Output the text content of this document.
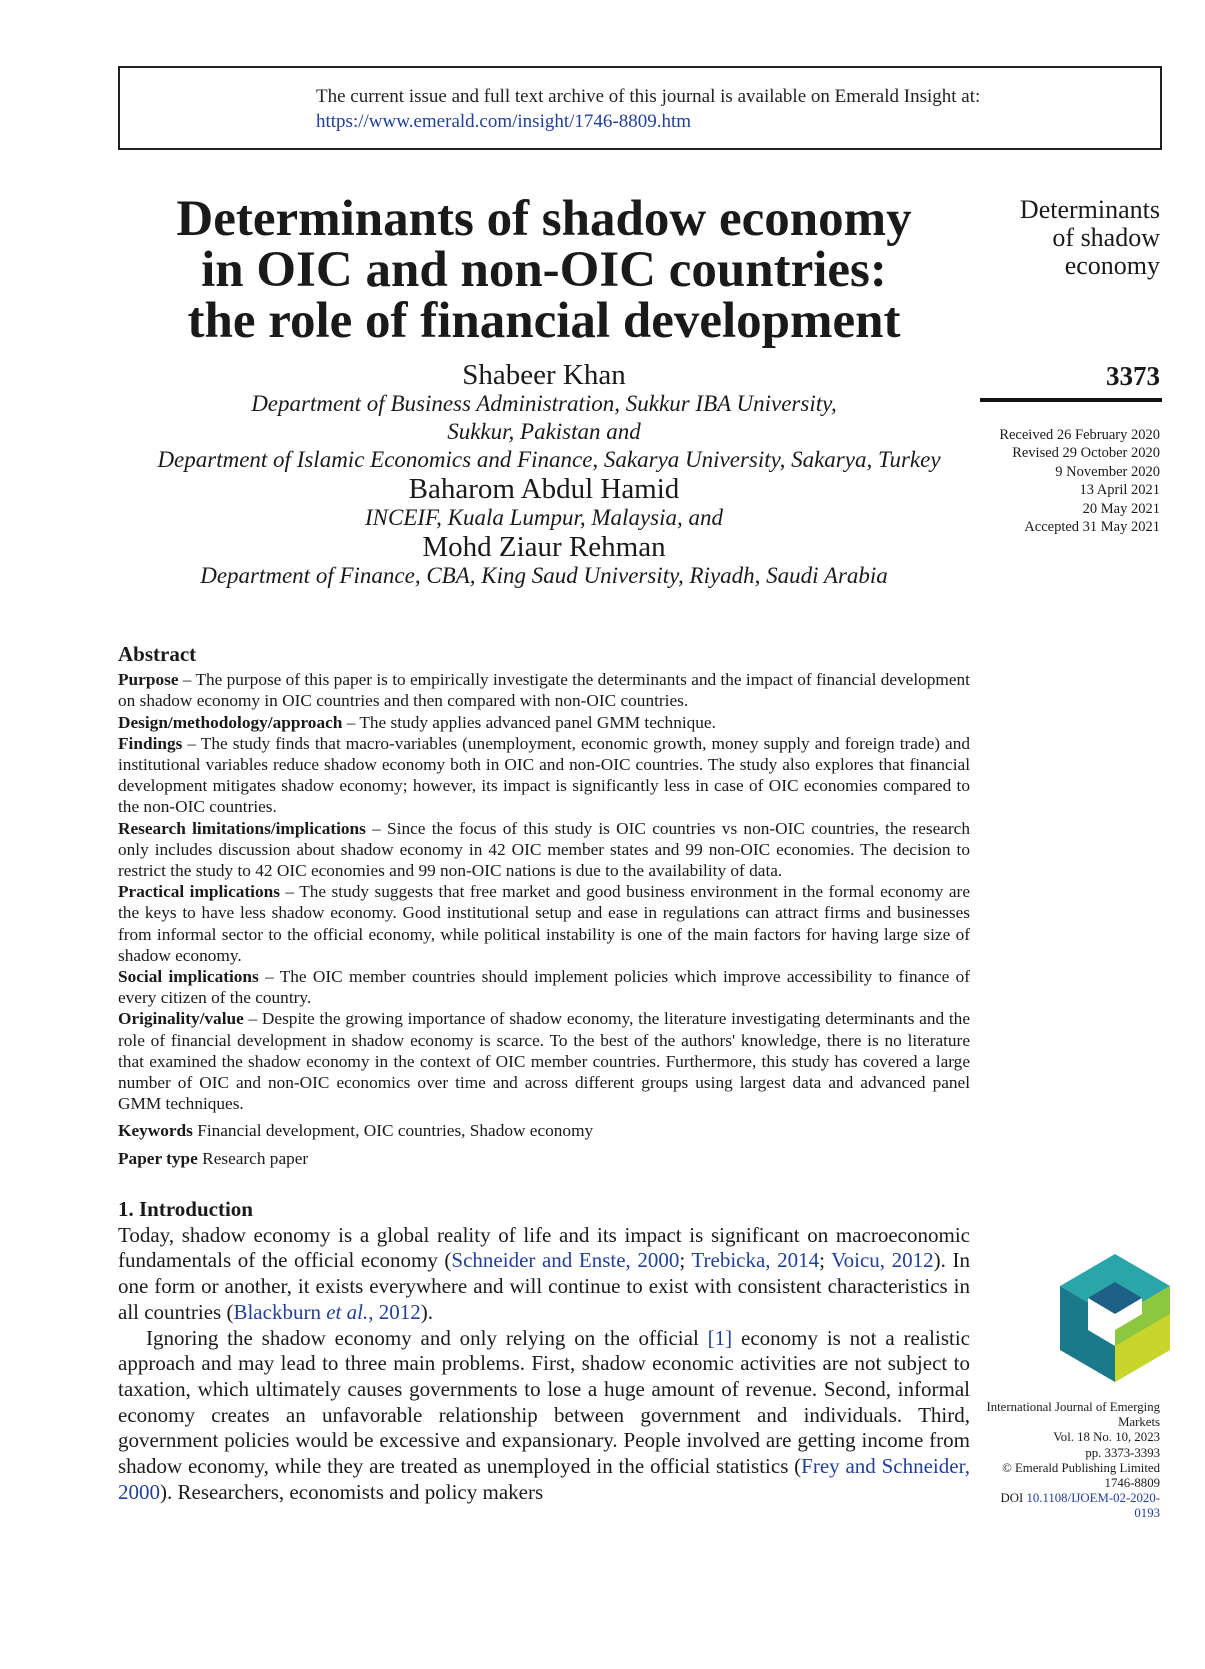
The current issue and full text archive of this journal is available on Emerald Insight at:
https://www.emerald.com/insight/1746-8809.htm
Determinants of shadow economy
in OIC and non-OIC countries:
the role of financial development
Shabeer Khan
Department of Business Administration, Sukkur IBA University,
Sukkur, Pakistan and
Department of Islamic Economics and Finance, Sakarya University, Sakarya, Turkey
Baharom Abdul Hamid
INCEIF, Kuala Lumpur, Malaysia, and
Mohd Ziaur Rehman
Department of Finance, CBA, King Saud University, Riyadh, Saudi Arabia
Determinants
of shadow
economy
3373
Received 26 February 2020
Revised 29 October 2020
9 November 2020
13 April 2021
20 May 2021
Accepted 31 May 2021

Abstract

Purpose – The purpose of this paper is to empirically investigate the determinants and the impact of financial development on shadow economy in OIC countries and then compared with non-OIC countries.

Design/methodology/approach – The study applies advanced panel GMM technique.

Findings – The study finds that macro-variables (unemployment, economic growth, money supply and foreign trade) and institutional variables reduce shadow economy both in OIC and non-OIC countries. The study also explores that financial development mitigates shadow economy; however, its impact is significantly less in case of OIC economies compared to the non-OIC countries.

Research limitations/implications – Since the focus of this study is OIC countries vs non-OIC countries, the research only includes discussion about shadow economy in 42 OIC member states and 99 non-OIC economies. The decision to restrict the study to 42 OIC economies and 99 non-OIC nations is due to the availability of data.

Practical implications – The study suggests that free market and good business environment in the formal economy are the keys to have less shadow economy. Good institutional setup and ease in regulations can attract firms and businesses from informal sector to the official economy, while political instability is one of the main factors for having large size of shadow economy.

Social implications – The OIC member countries should implement policies which improve accessibility to finance of every citizen of the country.

Originality/value – Despite the growing importance of shadow economy, the literature investigating determinants and the role of financial development in shadow economy is scarce. To the best of the authors' knowledge, there is no literature that examined the shadow economy in the context of OIC member countries. Furthermore, this study has covered a large number of OIC and non-OIC economics over time and across different groups using largest data and advanced panel GMM techniques.

Keywords Financial development, OIC countries, Shadow economy

Paper type Research paper

1. Introduction

Today, shadow economy is a global reality of life and its impact is significant on macroeconomic fundamentals of the official economy (Schneider and Enste, 2000; Trebicka, 2014; Voicu, 2012). In one form or another, it exists everywhere and will continue to exist with consistent characteristics in all countries (Blackburn et al., 2012).

Ignoring the shadow economy and only relying on the official [1] economy is not a realistic approach and may lead to three main problems. First, shadow economic activities are not subject to taxation, which ultimately causes governments to lose a huge amount of revenue. Second, informal economy creates an unfavorable relationship between government and individuals. Third, government policies would be excessive and expansionary. People involved are getting income from shadow economy, while they are treated as unemployed in the official statistics (Frey and Schneider, 2000). Researchers, economists and policy makers

International Journal of Emerging
Markets
Vol. 18 No. 10, 2023
pp. 3373-3393
© Emerald Publishing Limited
1746-8809
DOI 10.1108/IJOEM-02-2020-0193
